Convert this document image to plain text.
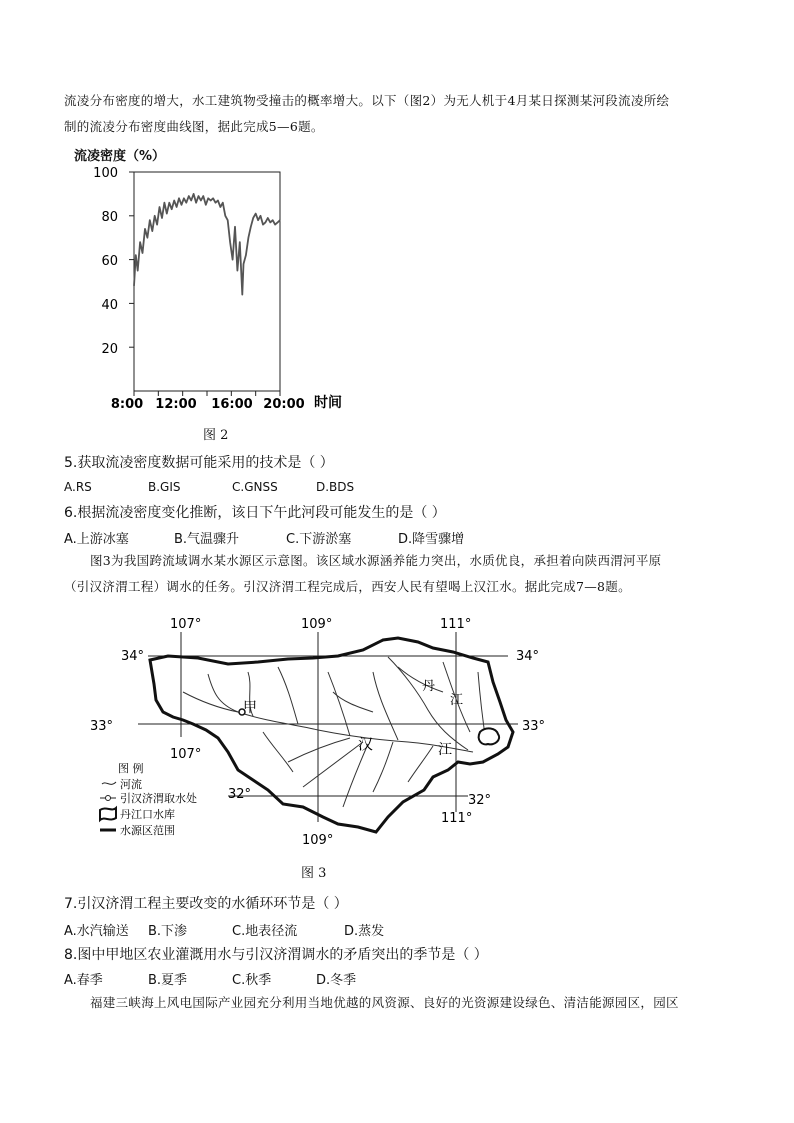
流凌分布密度的增大，水工建筑物受撞击的概率增大。以下（图2）为无人机于4月某日探测某河段流凌所绘
制的流凌分布密度曲线图，据此完成5—6题。
流凌密度（%）
100
80
60
40
20
8:00 12:00 16:00 20:00 时间
图 2
5.获取流凌密度数据可能采用的技术是（ ）
A.RS	B.GIS	C.GNSS	D.BDS
6.根据流凌密度变化推断，该日下午此河段可能发生的是（ ）
A.上游冰塞	B.气温骤升	C.下游淤塞	D.降雪骤增
图3为我国跨流域调水某水源区示意图。该区域水源涵养能力突出，水质优良，承担着向陕西渭河平原
（引汉济渭工程）调水的任务。引汉济渭工程完成后，西安人民有望喝上汉江水。据此完成7—8题。
107°	109°	111°
34°	34°
33°	33°
32°	32°
107°
109°
111°
甲
汉	江
丹
江
图 例
河流
引汉济渭取水处
丹江口水库
水源区范围
图 3
7.引汉济渭工程主要改变的水循环环节是（ ）
A.水汽输送 B.下渗	C.地表径流	D.蒸发
8.图中甲地区农业灌溉用水与引汉济渭调水的矛盾突出的季节是（ ）
A.春季	B.夏季	C.秋季	D.冬季
福建三峡海上风电国际产业园充分利用当地优越的风资源、良好的光资源建设绿色、清洁能源园区，园区
